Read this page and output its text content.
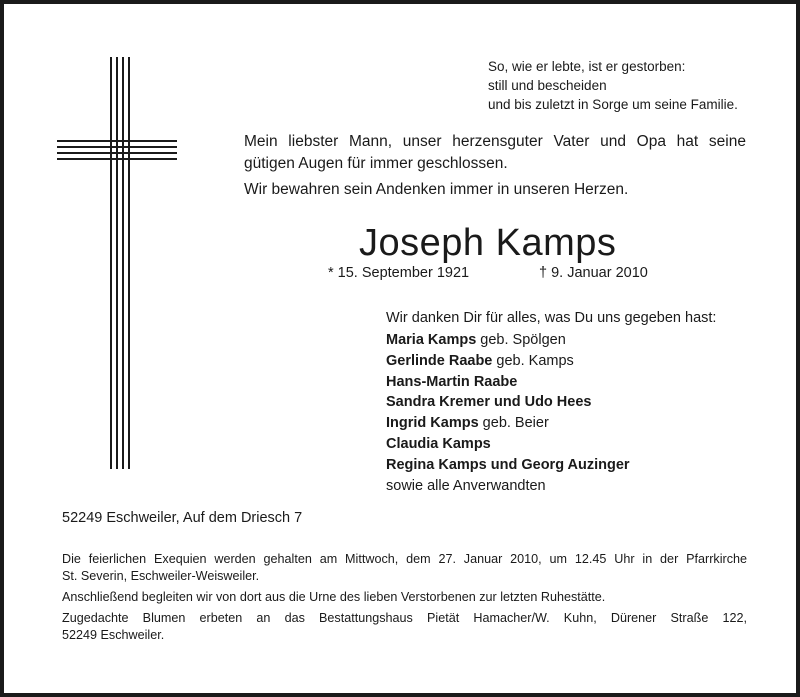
So, wie er lebte, ist er gestorben:
still und bescheiden
und bis zuletzt in Sorge um seine Familie.
Mein liebster Mann, unser herzensguter Vater und Opa hat seine
gütigen Augen für immer geschlossen.
Wir bewahren sein Andenken immer in unseren Herzen.
Joseph Kamps
* 15. September 1921	† 9. Januar 2010
Wir danken Dir für alles, was Du uns gegeben hast:
Maria Kamps geb. Spölgen
Gerlinde Raabe geb. Kamps
Hans-Martin Raabe
Sandra Kremer und Udo Hees
Ingrid Kamps geb. Beier
Claudia Kamps
Regina Kamps und Georg Auzinger
sowie alle Anverwandten
52249 Eschweiler, Auf dem Driesch 7

Die feierlichen Exequien werden gehalten am Mittwoch, dem 27. Januar 2010, um 12.45 Uhr in der Pfarrkirche
St. Severin, Eschweiler-Weisweiler.

Anschließend begleiten wir von dort aus die Urne des lieben Verstorbenen zur letzten Ruhestätte.

Zugedachte Blumen erbeten an das Bestattungshaus Pietät Hamacher/W. Kuhn, Dürener Straße 122,
52249 Eschweiler.
